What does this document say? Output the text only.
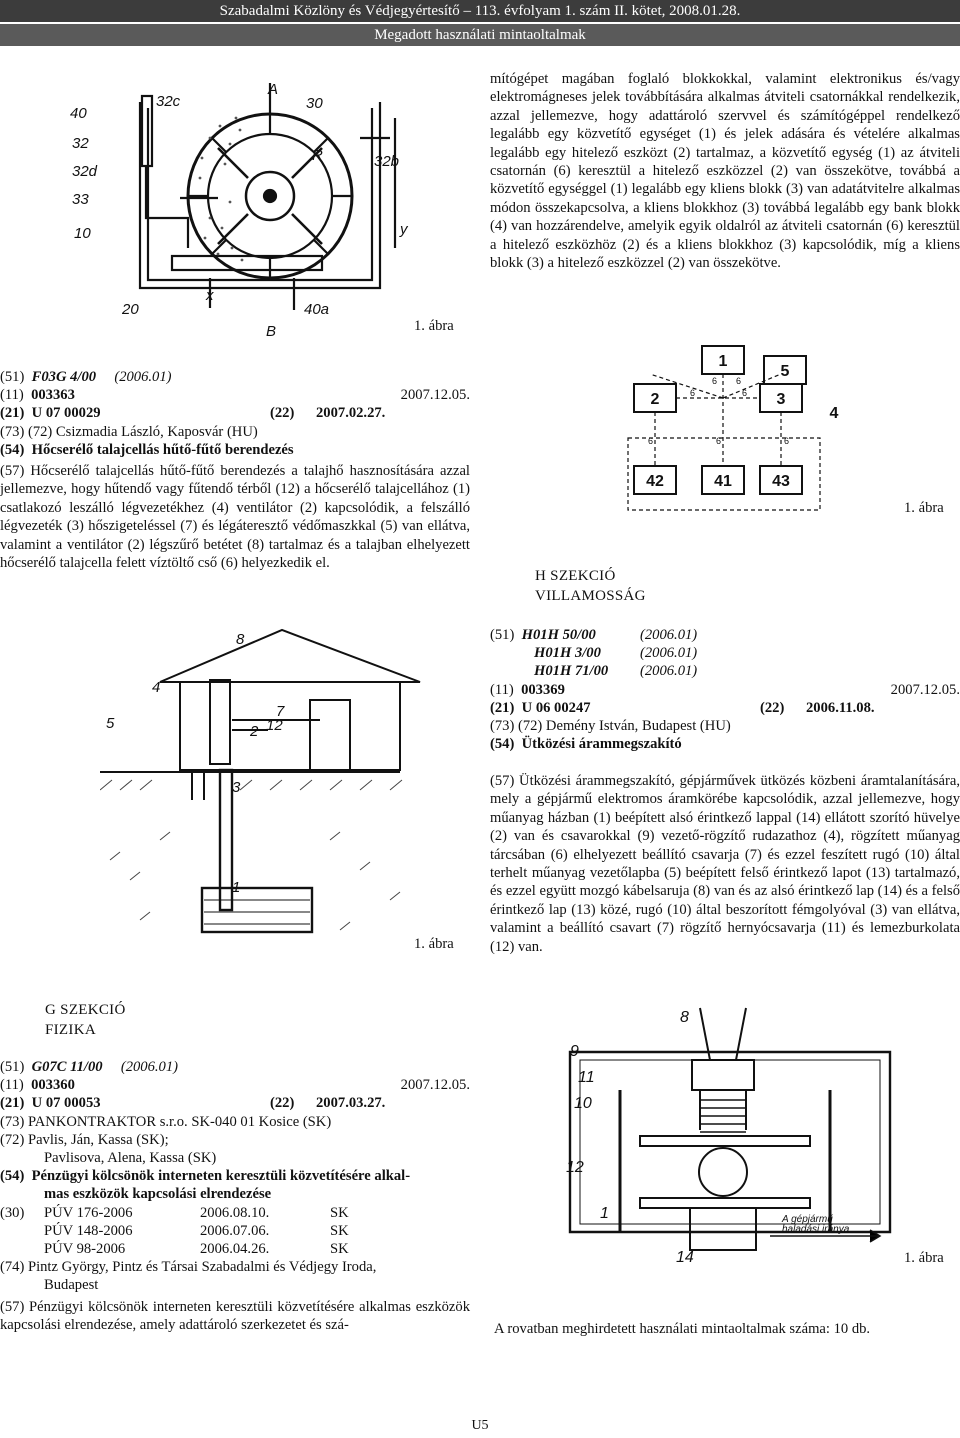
Szabadalmi Közlöny és Védjegyértesítő – 113. évfolyam 1. szám II. kötet, 2008.01.28.
Megadott használati mintaoltalmak
40
32c
A
30
32
32d
R	32b
33
10	y
x
20	40a
B	1. ábra

mítógépet magában foglaló blokkokkal, valamint elektronikus és/vagy elektromágneses jelek továbbítására alkalmas átviteli csatornákkal rendelkezik, azzal jellemezve, hogy adattároló szervvel és számítógéppel rendelkező legalább egy közvetítő egységet (1) és jelek adására és vételére alkalmas legalább egy hitelező eszközt (2) tartalmaz, a közvetítő egység (1) az átviteli csatornán (6) keresztül a hitelező eszközzel (2) van összekötve, továbbá a közvetítő egységgel (1) legalább egy kliens blokk (3) van adatátvitelre alkalmas módon összekapcsolva, a kliens blokkhoz (3) továbbá legalább egy bank blokk (4) van hozzárendelve, amelyik egyik oldalról az átviteli csatornán (6) keresztül a hitelező eszközhöz (2) és a kliens blokkhoz (3) kapcsolódik, míg a kliens blokk (3) a hitelező eszközzel (2) van összekötve.

(51) F03G 4/00 (2006.01)
(11) 003363	2007.12.05.
(21) U 07 00029	(22) 2007.02.27.
(73) (72) Csizmadia László, Kaposvár (HU)
(54) Hőcserélő talajcellás hűtő-fűtő berendezés

(57) Hőcserélő talajcellás hűtő-fűtő berendezés a talajhő hasznosítására azzal jellemezve, hogy hűtendő vagy fűtendő térből (12) a hőcserélő talajcellához (1) csatlakozó leszálló légvezetékhez (4) ventilátor (2) kapcsolódik, a felszálló légvezeték (3) hőszigeteléssel (7) és légáteresztő védőmaszkkal (5) van ellátva, valamint a ventilátor (2) légszűrő betétet (8) tartalmaz és a talajban elhelyezett hőcserélő talajcella felett víztöltő cső (6) helyezkedik el.

1
5
2	3
4
42	41	43
6 6
6	6
6	6	6
1. ábra
H SZEKCIÓ
VILLAMOSSÁG
(51) H01H 50/00	(2006.01)
H01H 3/00	(2006.01)
H01H 71/00 (2006.01)
(11) 003369	2007.12.05.
(21) U 06 00247	(22) 2006.11.08.
(73) (72) Demény István, Budapest (HU)
(54) Ütközési árammegszakító

(57) Ütközési árammegszakító, gépjárművek ütközés közbeni áramtalanítására, mely a gépjármű elektromos áramkörébe kapcsolódik, azzal jellemezve, hogy műanyag házban (1) beépített alsó érintkező lappal (14) ellátott szorító hüvelye (2) van és csavarokkal (9) vezető-rögzítő rudazathoz (4), rögzített műanyag tárcsában (6) elhelyezett beállító csavarja (7) és ezzel feszített rugó (10) által terhelt műanyag vezetőlapba (5) beépített felső érintkező lapot (13) tartalmazó, és ezzel együtt mozgó kábelsaruja (8) van és az alsó érintkező lap (14) és a felső érintkező lap (13) közé, rugó (10) által beszorított fémgolyóval (3) van ellátva, valamint a beállító csavart (7) rögzítő hernyócsavarja (11) és lemezburkolata (12) van.

8
4
5
7
2 12
3
1
1. ábra
G SZEKCIÓ
FIZIKA
(51) G07C 11/00 (2006.01)
(11) 003360	2007.12.05.
(21) U 07 00053	(22) 2007.03.27.
(73) PANKONTRAKTOR s.r.o. SK-040 01 Kosice (SK)
(72) Pavlis, Ján, Kassa (SK);
Pavlisova, Alena, Kassa (SK)
(54) Pénzügyi kölcsönök interneten keresztüli közvetítésére alkal-
mas eszközök kapcsolási elrendezése
(30) PÚV 176-2006	2006.08.10.	SK
PÚV 148-2006	2006.07.06.	SK
PÚV 98-2006	2006.04.26.	SK
(74) Pintz György, Pintz és Társai Szabadalmi és Védjegy Iroda,
Budapest

(57) Pénzügyi kölcsönök interneten keresztüli közvetítésére alkalmas eszközök kapcsolási elrendezése, amely adattároló szerkezetet és szá-

8
9
11
10
12
1
14
A gépjármű
haladási iránya
1. ábra

A rovatban meghirdetett használati mintaoltalmak száma: 10 db.

U5
